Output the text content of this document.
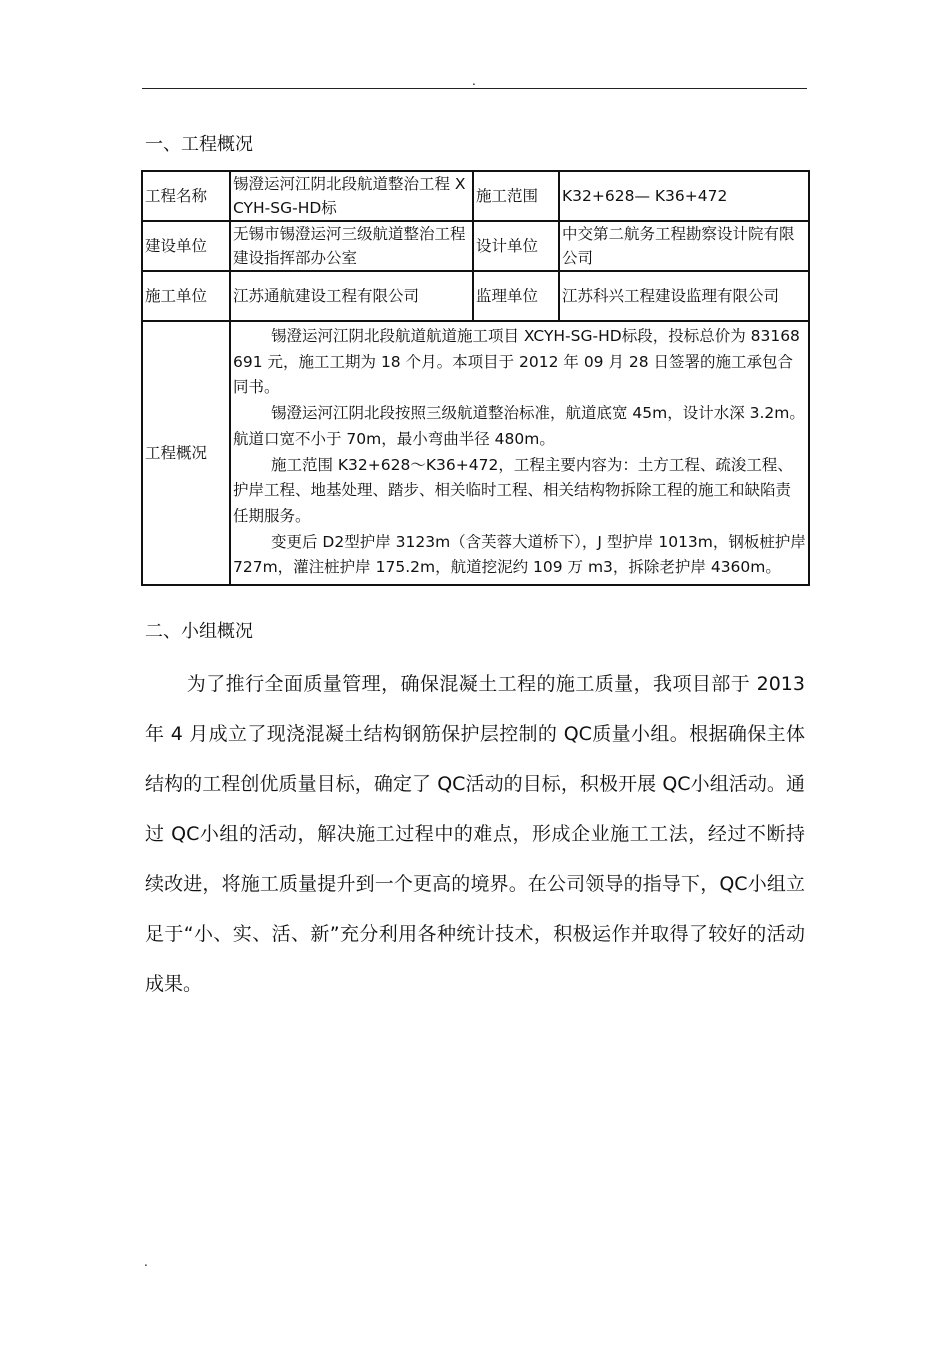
.
一、工程概况
工程名称	锡澄运河江阴北段航道整治工程 XCYH-SG-HD标	施工范围	K32+628— K36+472
建设单位	无锡市锡澄运河三级航道整治工程建设指挥部办公室	设计单位	中交第二航务工程勘察设计院有限公司
施工单位	江苏通航建设工程有限公司	监理单位	江苏科兴工程建设监理有限公司
工程概况	锡澄运河江阴北段航道航道施工项目 XCYH-SG-HD标段，投标总价为 83168691 元，施工工期为 18 个月。本项目于 2012 年 09 月 28 日签署的施工承包合同书。

锡澄运河江阴北段按照三级航道整治标准，航道底宽 45m，设计水深 3.2m。航道口宽不小于 70m，最小弯曲半径 480m。

施工范围 K32+628～K36+472，工程主要内容为：土方工程、疏浚工程、护岸工程、地基处理、踏步、相关临时工程、相关结构物拆除工程的施工和缺陷责任期服务。

变更后 D2型护岸 3123m（含芙蓉大道桥下），J 型护岸 1013m，钢板桩护岸 727m，灌注桩护岸 175.2m，航道挖泥约 109 万 m3，拆除老护岸 4360m。		

二、小组概况

为了推行全面质量管理，确保混凝土工程的施工质量，我项目部于 2013 年 4 月成立了现浇混凝土结构钢筋保护层控制的 QC质量小组。根据确保主体结构的工程创优质量目标，确定了 QC活动的目标，积极开展 QC小组活动。通过 QC小组的活动，解决施工过程中的难点，形成企业施工工法，经过不断持续改进，将施工质量提升到一个更高的境界。在公司领导的指导下，QC小组立足于“小、实、活、新”充分利用各种统计技术，积极运作并取得了较好的活动成果。

.
